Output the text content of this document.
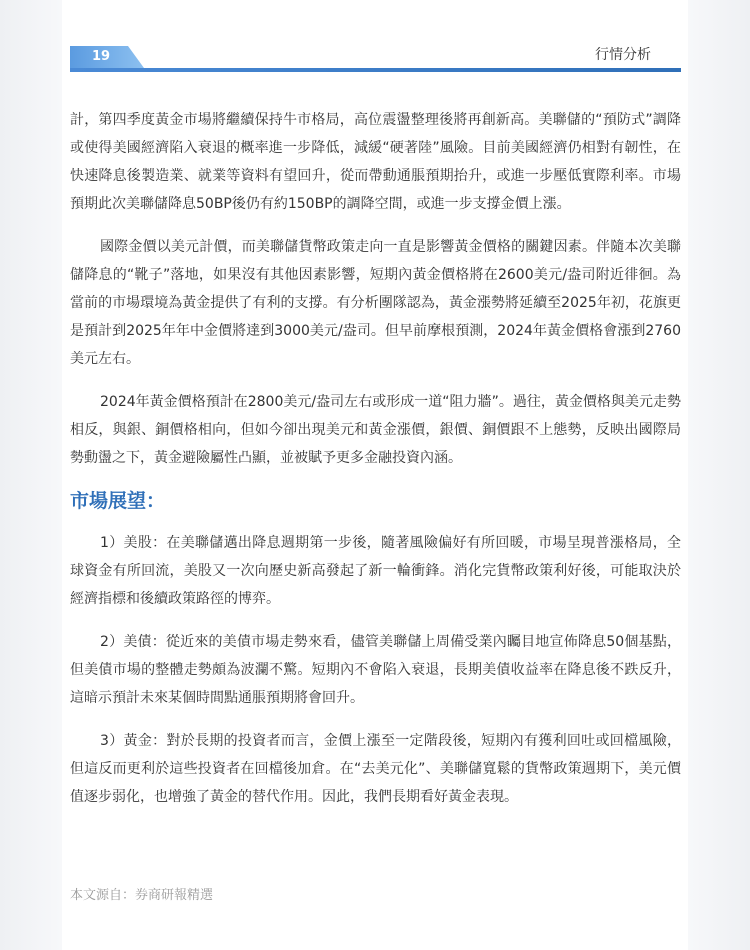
19	行情分析

計，第四季度黃金市場將繼續保持牛市格局，高位震盪整理後將再創新高。美聯儲的“預防式”調降或使得美國經濟陷入衰退的概率進一步降低，減緩“硬著陸”風險。目前美國經濟仍相對有韌性，在快速降息後製造業、就業等資料有望回升，從而帶動通脹預期抬升，或進一步壓低實際利率。市場預期此次美聯儲降息50BP後仍有約150BP的調降空間，或進一步支撐金價上漲。

國際金價以美元計價，而美聯儲貨幣政策走向一直是影響黃金價格的關鍵因素。伴隨本次美聯儲降息的“靴子”落地，如果沒有其他因素影響，短期內黃金價格將在2600美元/盎司附近徘徊。為當前的市場環境為黃金提供了有利的支撐。有分析團隊認為，黃金漲勢將延續至2025年初，花旗更是預計到2025年年中金價將達到3000美元/盎司。但早前摩根預測，2024年黃金價格會漲到2760美元左右。

2024年黃金價格預計在2800美元/盎司左右或形成一道“阻力牆”。過往，黃金價格與美元走勢相反，與銀、銅價格相向，但如今卻出現美元和黃金漲價，銀價、銅價跟不上態勢，反映出國際局勢動盪之下，黃金避險屬性凸顯，並被賦予更多金融投資內涵。

市場展望：

1）美股：在美聯儲邁出降息週期第一步後，隨著風險偏好有所回暖，市場呈現普漲格局，全球資金有所回流，美股又一次向歷史新高發起了新一輪衝鋒。消化完貨幣政策利好後，可能取決於經濟指標和後續政策路徑的博弈。

2）美債：從近來的美債市場走勢來看，儘管美聯儲上周備受業內矚目地宣佈降息50個基點，但美債市場的整體走勢頗為波瀾不驚。短期內不會陷入衰退，長期美債收益率在降息後不跌反升，這暗示預計未來某個時間點通脹預期將會回升。

3）黃金：對於長期的投資者而言，金價上漲至一定階段後，短期內有獲利回吐或回檔風險，但這反而更利於這些投資者在回檔後加倉。在“去美元化”、美聯儲寬鬆的貨幣政策週期下，美元價值逐步弱化，也增強了黃金的替代作用。因此，我們長期看好黃金表現。

本文源自：券商研報精選
